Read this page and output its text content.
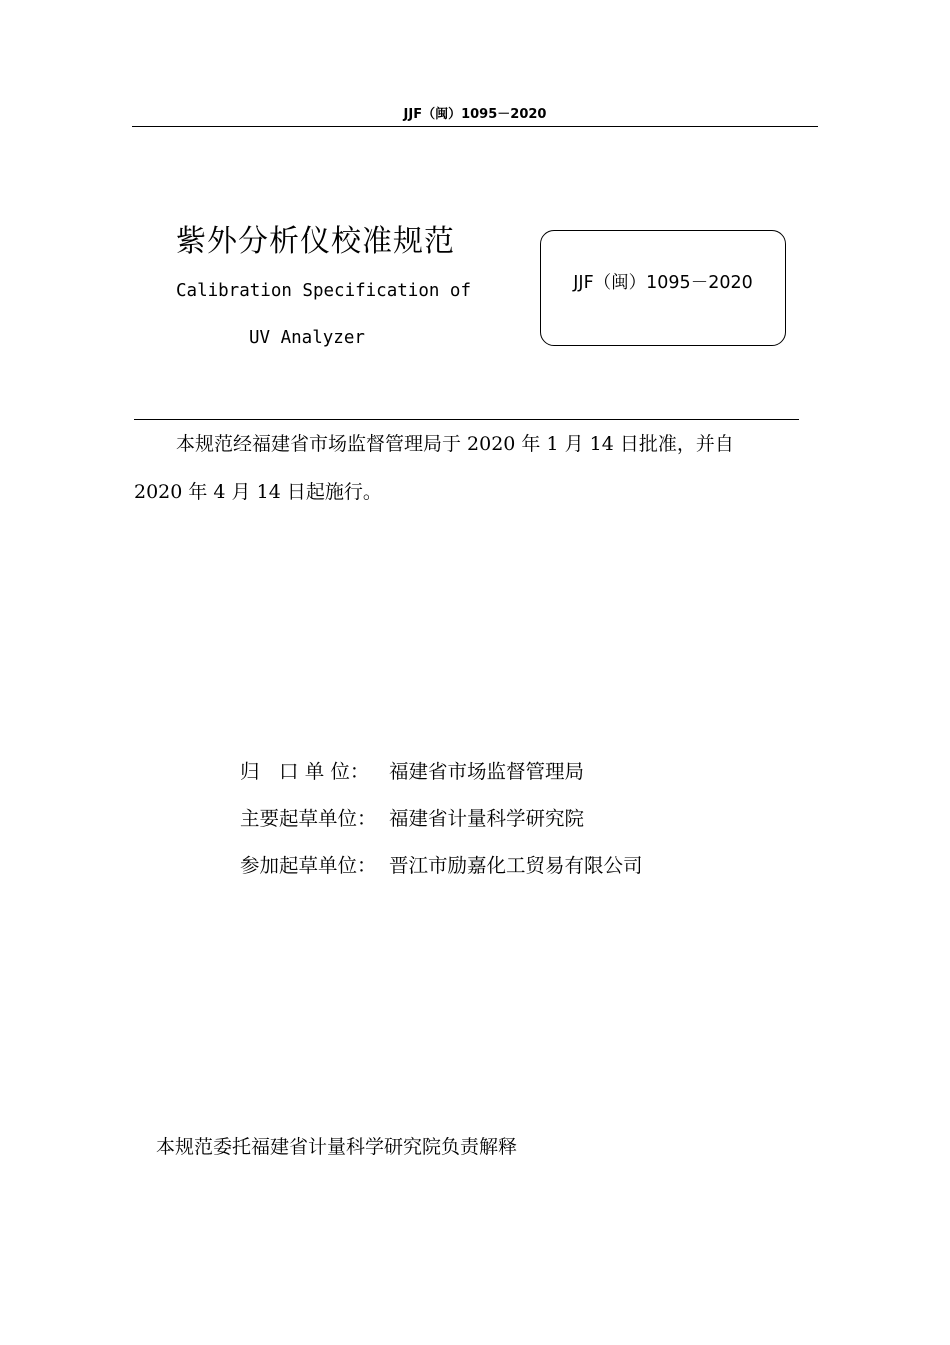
JJF（闽）1095－2020
紫外分析仪校准规范
Calibration Specification of
UV Analyzer
JJF（闽）1095－2020
本规范经福建省市场监督管理局于 2020 年 1 月 14 日批准，并自
2020 年 4 月 14 日起施行。
归　口 单 位： 福建省市场监督管理局
主要起草单位： 福建省计量科学研究院
参加起草单位： 晋江市励嘉化工贸易有限公司
本规范委托福建省计量科学研究院负责解释
